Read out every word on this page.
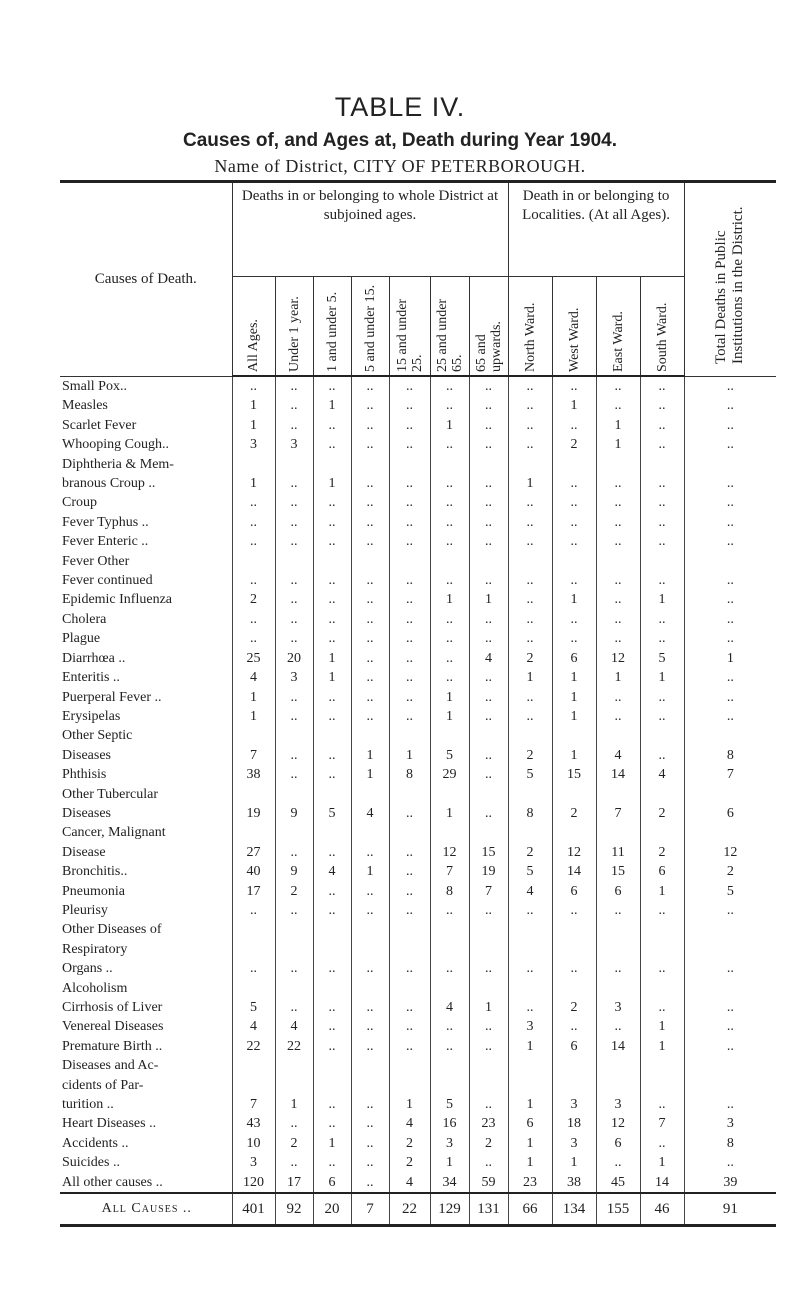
TABLE IV.
Causes of, and Ages at, Death during Year 1904.
Name of District, CITY OF PETERBOROUGH.
Causes of Death.	Deaths in or belonging to whole District at subjoined ages.							Death in or belonging to Localities. (At all Ages).				Total Deaths in Public Institutions in the District.

	All Ages.	Under 1 year.	1 and under 5.	5 and under 15.	15 and under 25.	25 and under 65.	65 and upwards.	North Ward.	West Ward.	East Ward.	South Ward.	

Small Pox..	..	..	..	..	..	..	..	..	..	..	..	..
Measles	1	..	1	..	..	..	..	..	1	..	..	..
Scarlet Fever	1	..	..	..	..	1	..	..	..	1	..	..
Whooping Cough..	3	3	..	..	..	..	..	..	2	1	..	..
Diphtheria & Mem-												
branous Croup ..	1	..	1	..	..	..	..	1	..	..	..	..
Croup	..	..	..	..	..	..	..	..	..	..	..	..
Fever Typhus ..	..	..	..	..	..	..	..	..	..	..	..	..
Fever Enteric ..	..	..	..	..	..	..	..	..	..	..	..	..
Fever Other												
Fever continued	..	..	..	..	..	..	..	..	..	..	..	..
Epidemic Influenza	2	..	..	..	..	1	1	..	1	..	1	..
Cholera	..	..	..	..	..	..	..	..	..	..	..	..
Plague	..	..	..	..	..	..	..	..	..	..	..	..
Diarrhœa ..	25	20	1	..	..	..	4	2	6	12	5	1
Enteritis ..	4	3	1	..	..	..	..	1	1	1	1	..
Puerperal Fever ..	1	..	..	..	..	1	..	..	1	..	..	..
Erysipelas	1	..	..	..	..	1	..	..	1	..	..	..
Other Septic												
Diseases	7	..	..	1	1	5	..	2	1	4	..	8
Phthisis	38	..	..	1	8	29	..	5	15	14	4	7
Other Tubercular												
Diseases	19	9	5	4	..	1	..	8	2	7	2	6
Cancer, Malignant												
Disease	27	..	..	..	..	12	15	2	12	11	2	12
Bronchitis..	40	9	4	1	..	7	19	5	14	15	6	2
Pneumonia	17	2	..	..	..	8	7	4	6	6	1	5
Pleurisy	..	..	..	..	..	..	..	..	..	..	..	..
Other Diseases of												
Respiratory												
Organs ..	..	..	..	..	..	..	..	..	..	..	..	..
Alcoholism												
Cirrhosis of Liver	5	..	..	..	..	4	1	..	2	3	..	..
Venereal Diseases	4	4	..	..	..	..	..	3	..	..	1	..
Premature Birth ..	22	22	..	..	..	..	..	1	6	14	1	..
Diseases and Ac-												
cidents of Par-												
turition ..	7	1	..	..	1	5	..	1	3	3	..	..
Heart Diseases ..	43	..	..	..	4	16	23	6	18	12	7	3
Accidents ..	10	2	1	..	2	3	2	1	3	6	..	8
Suicides ..	3	..	..	..	2	1	..	1	1	..	1	..
All other causes ..	120	17	6	..	4	34	59	23	38	45	14	39
All Causes ..	401	92	20	7	22	129	131	66	134	155	46	91
